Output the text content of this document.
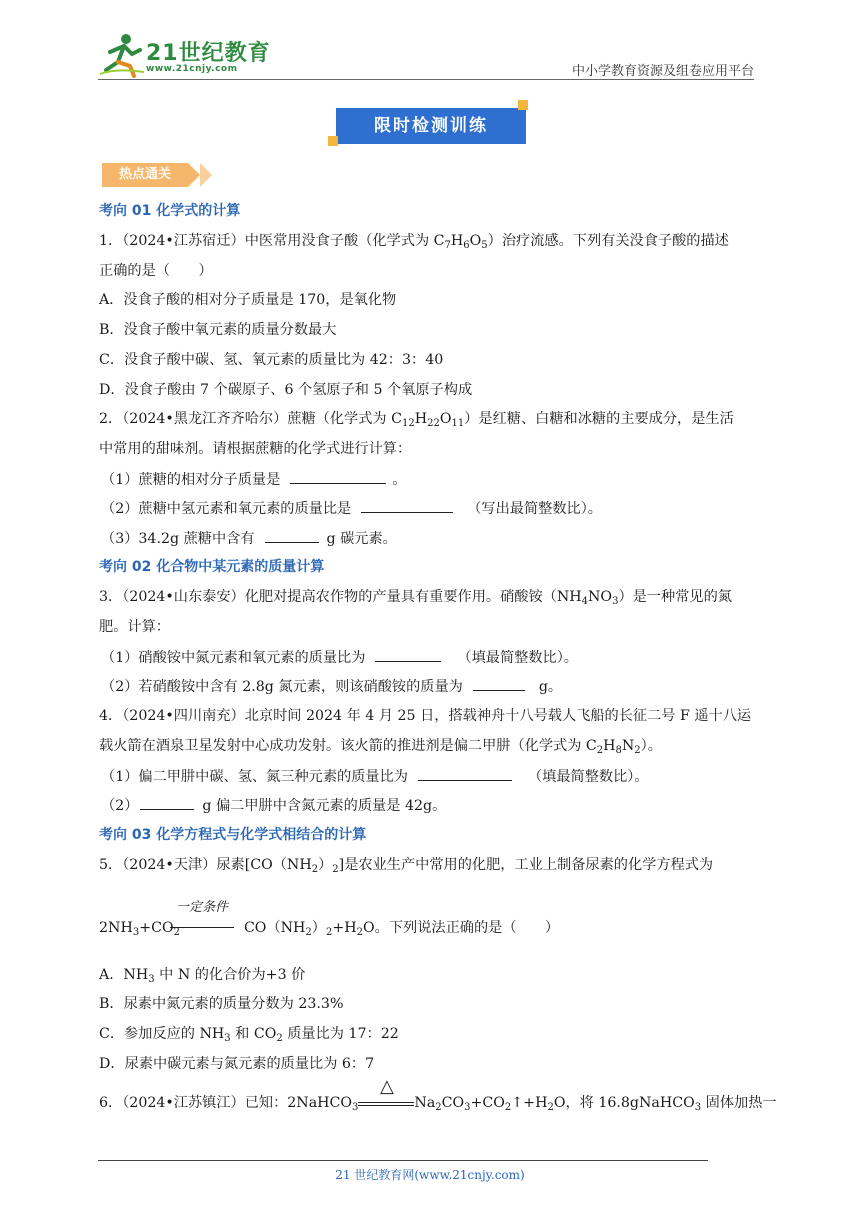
21世纪教育
www.21cnjy.com	中小学教育资源及组卷应用平台
限时检测训练
热点通关
考向 01 化学式的计算
1．（2024•江苏宿迁）中医常用没食子酸（化学式为 $C_7H_6O_5$）治疗流感。下列有关没食子酸的描述
正确的是（　　）
A．没食子酸的相对分子质量是 170，是氧化物
B．没食子酸中氧元素的质量分数最大
C．没食子酸中碳、氢、氧元素的质量比为 42：3：40
D．没食子酸由 7 个碳原子、6 个氢原子和 5 个氧原子构成
2．（2024•黑龙江齐齐哈尔）蔗糖（化学式为 $C_{12}H_{22}O_{11}$）是红糖、白糖和冰糖的主要成分，是生活
中常用的甜味剂。请根据蔗糖的化学式进行计算：
（1）蔗糖的相对分子质量是	。
（2）蔗糖中氢元素和氧元素的质量比是	（写出最简整数比）。
（3）34.2g 蔗糖中含有	g 碳元素。
考向 02 化合物中某元素的质量计算
3．（2024•山东泰安）化肥对提高农作物的产量具有重要作用。硝酸铵$(NH_4NO_3)$是一种常见的氮
肥。计算：
（1）硝酸铵中氮元素和氧元素的质量比为	（填最简整数比）。
（2）若硝酸铵中含有 2.8g 氮元素，则该硝酸铵的质量为	g。
4．（2024•四川南充）北京时间 2024 年 4 月 25 日，搭载神舟十八号载人飞船的长征二号 F 遥十八运
载火箭在酒泉卫星发射中心成功发射。该火箭的推进剂是偏二甲肼（化学式为 $C_2H_8N_2$）。
（1）偏二甲肼中碳、氢、氮三种元素的质量比为	（填最简整数比）。
（2）	g 偏二甲肼中含氮元素的质量是 42g。
考向 03 化学方程式与化学式相结合的计算
5．（2024•天津）尿素$[CO(NH_2)_2]$是农业生产中常用的化肥，工业上制备尿素的化学方程式为
一定条件
$2NH_3+CO_2$	$CO(NH_2)_2+H_2O$。下列说法正确的是（　　）
A．$NH_3$ 中 N 的化合价为+3 价
B．尿素中氮元素的质量分数为 23.3%
C．参加反应的 $NH_3$ 和 $CO_2$ 质量比为 17：22
D．尿素中碳元素与氮元素的质量比为 6：7
△
6．（2024•江苏镇江）已知：2NaHCO$_3$	$Na_2CO_3+CO_2↑+H_2O$，将 16.8gNaHCO$_3$ 固体加热一
21 世纪教育网(www.21cnjy.com)
